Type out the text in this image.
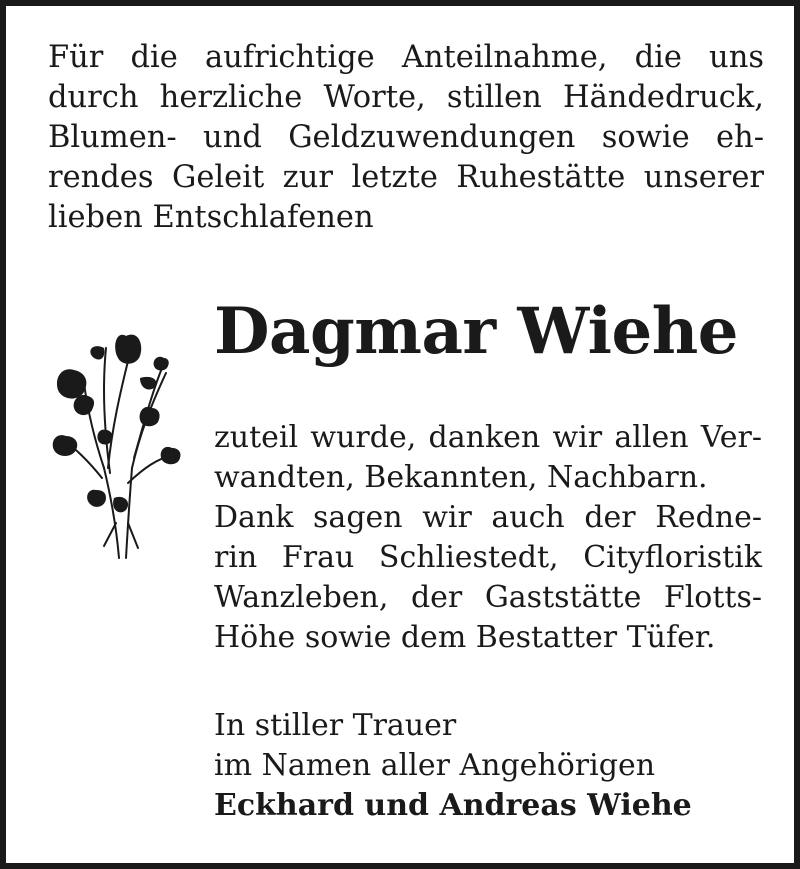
Für die aufrichtige Anteilnahme, die uns
durch herzliche Worte, stillen Händedruck,
Blumen- und Geldzuwendungen sowie eh-
rendes Geleit zur letzte Ruhestätte unserer
lieben Entschlafenen
Dagmar Wiehe
zuteil wurde, danken wir allen Ver-
wandten, Bekannten, Nachbarn.
Dank sagen wir auch der Redne-
rin Frau Schliestedt, Cityfloristik
Wanzleben, der Gaststätte Flotts-
Höhe sowie dem Bestatter Tüfer.
In stiller Trauer
im Namen aller Angehörigen
Eckhard und Andreas Wiehe
